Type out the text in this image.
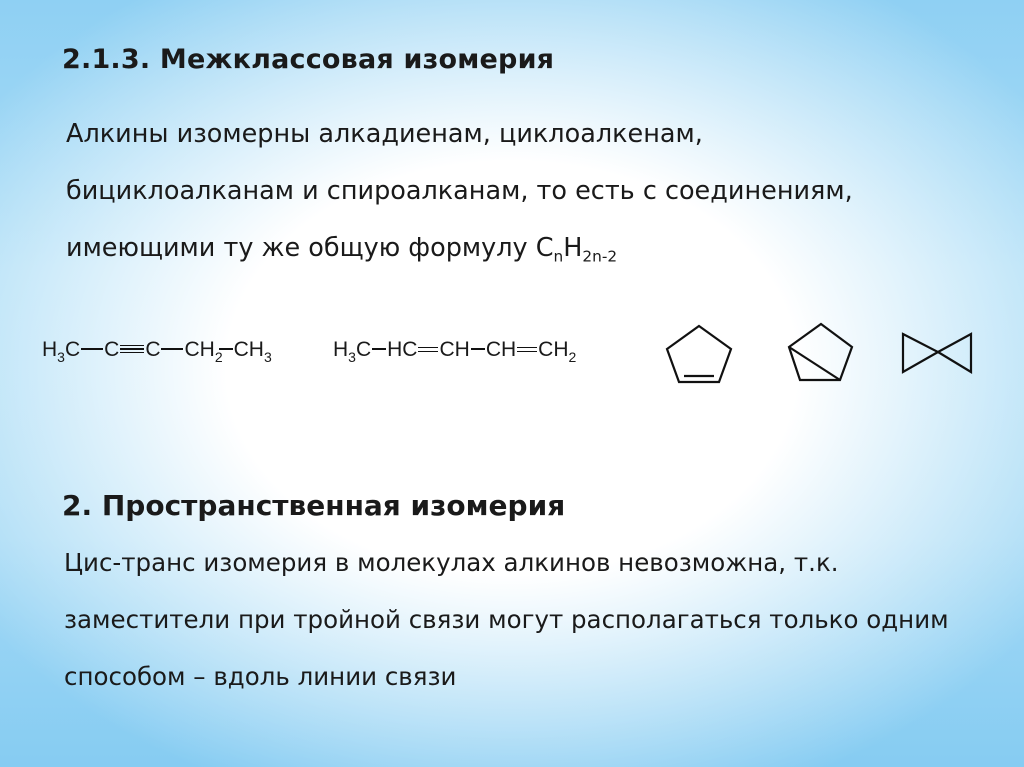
2.1.3. Межклассовая изомерия
Алкины изомерны алкадиенам, циклоалкенам,
бициклоалканам и спироалканам, то есть с соединениям,
имеющими ту же общую формулу $C_nH_{2n-2}$
$H_3C$ C C $CH_2$ $CH_3$	$H_3C$ HC CH CH $CH_2$
2. Пространственная изомерия
Цис-транс изомерия в молекулах алкинов невозможна, т.к.
заместители при тройной связи могут располагаться только одним
способом – вдоль линии связи
